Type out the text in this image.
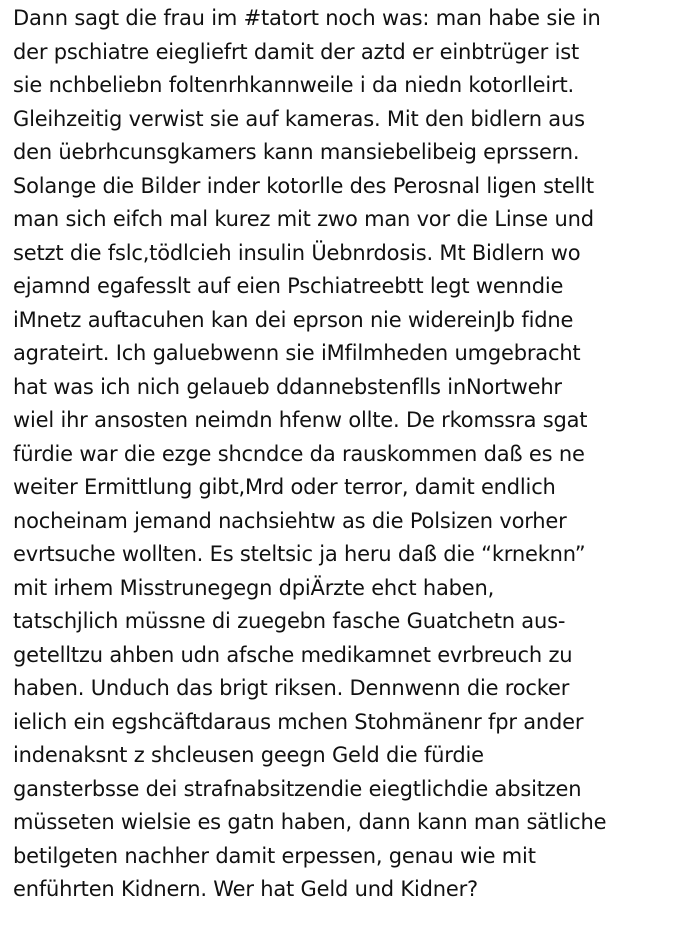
Dann sagt die frau im #tatort noch was: man habe sie in
der pschiatre eiegliefrt damit der aztd er einbtrüger ist
sie nchbeliebn foltenrhkannweile i da niedn kotorlleirt.
Gleihzeitig verwist sie auf kameras. Mit den bidlern aus
den üebrhcunsgkamers kann mansiebelibeig eprssern.
Solange die Bilder inder kotorlle des Perosnal ligen stellt
man sich eifch mal kurez mit zwo man vor die Linse und
setzt die fslc,tödlcieh insulin Üebnrdosis. Mt Bidlern wo
ejamnd egafesslt auf eien Pschiatreebtt legt wenndie
iMnetz auftacuhen kan dei eprson nie widereinJb fidne
agrateirt. Ich galuebwenn sie iMfilmheden umgebracht
hat was ich nich gelaueb ddannebstenflls inNortwehr
wiel ihr ansosten neimdn hfenw ollte. De rkomssra sgat
fürdie war die ezge shcndce da rauskommen daß es ne
weiter Ermittlung gibt,Mrd oder terror, damit endlich
nocheinam jemand nachsiehtw as die Polsizen vorher
evrtsuche wollten. Es steltsic ja heru daß die “krneknn”
mit irhem Misstrunegegn dpiÄrzte ehct haben,
tatschjlich müssne di zuegebn fasche Guatchetn aus-
getelltzu ahben udn afsche medikamnet evrbreuch zu
haben. Unduch das brigt riksen. Dennwenn die rocker
ielich ein egshcäftdaraus mchen Stohmänenr fpr ander
indenaksnt z shcleusen geegn Geld die fürdie
gansterbsse dei strafnabsitzendie eiegtlichdie absitzen
müsseten wielsie es gatn haben, dann kann man sätliche
betilgeten nachher damit erpessen, genau wie mit
enführten Kidnern. Wer hat Geld und Kidner?
